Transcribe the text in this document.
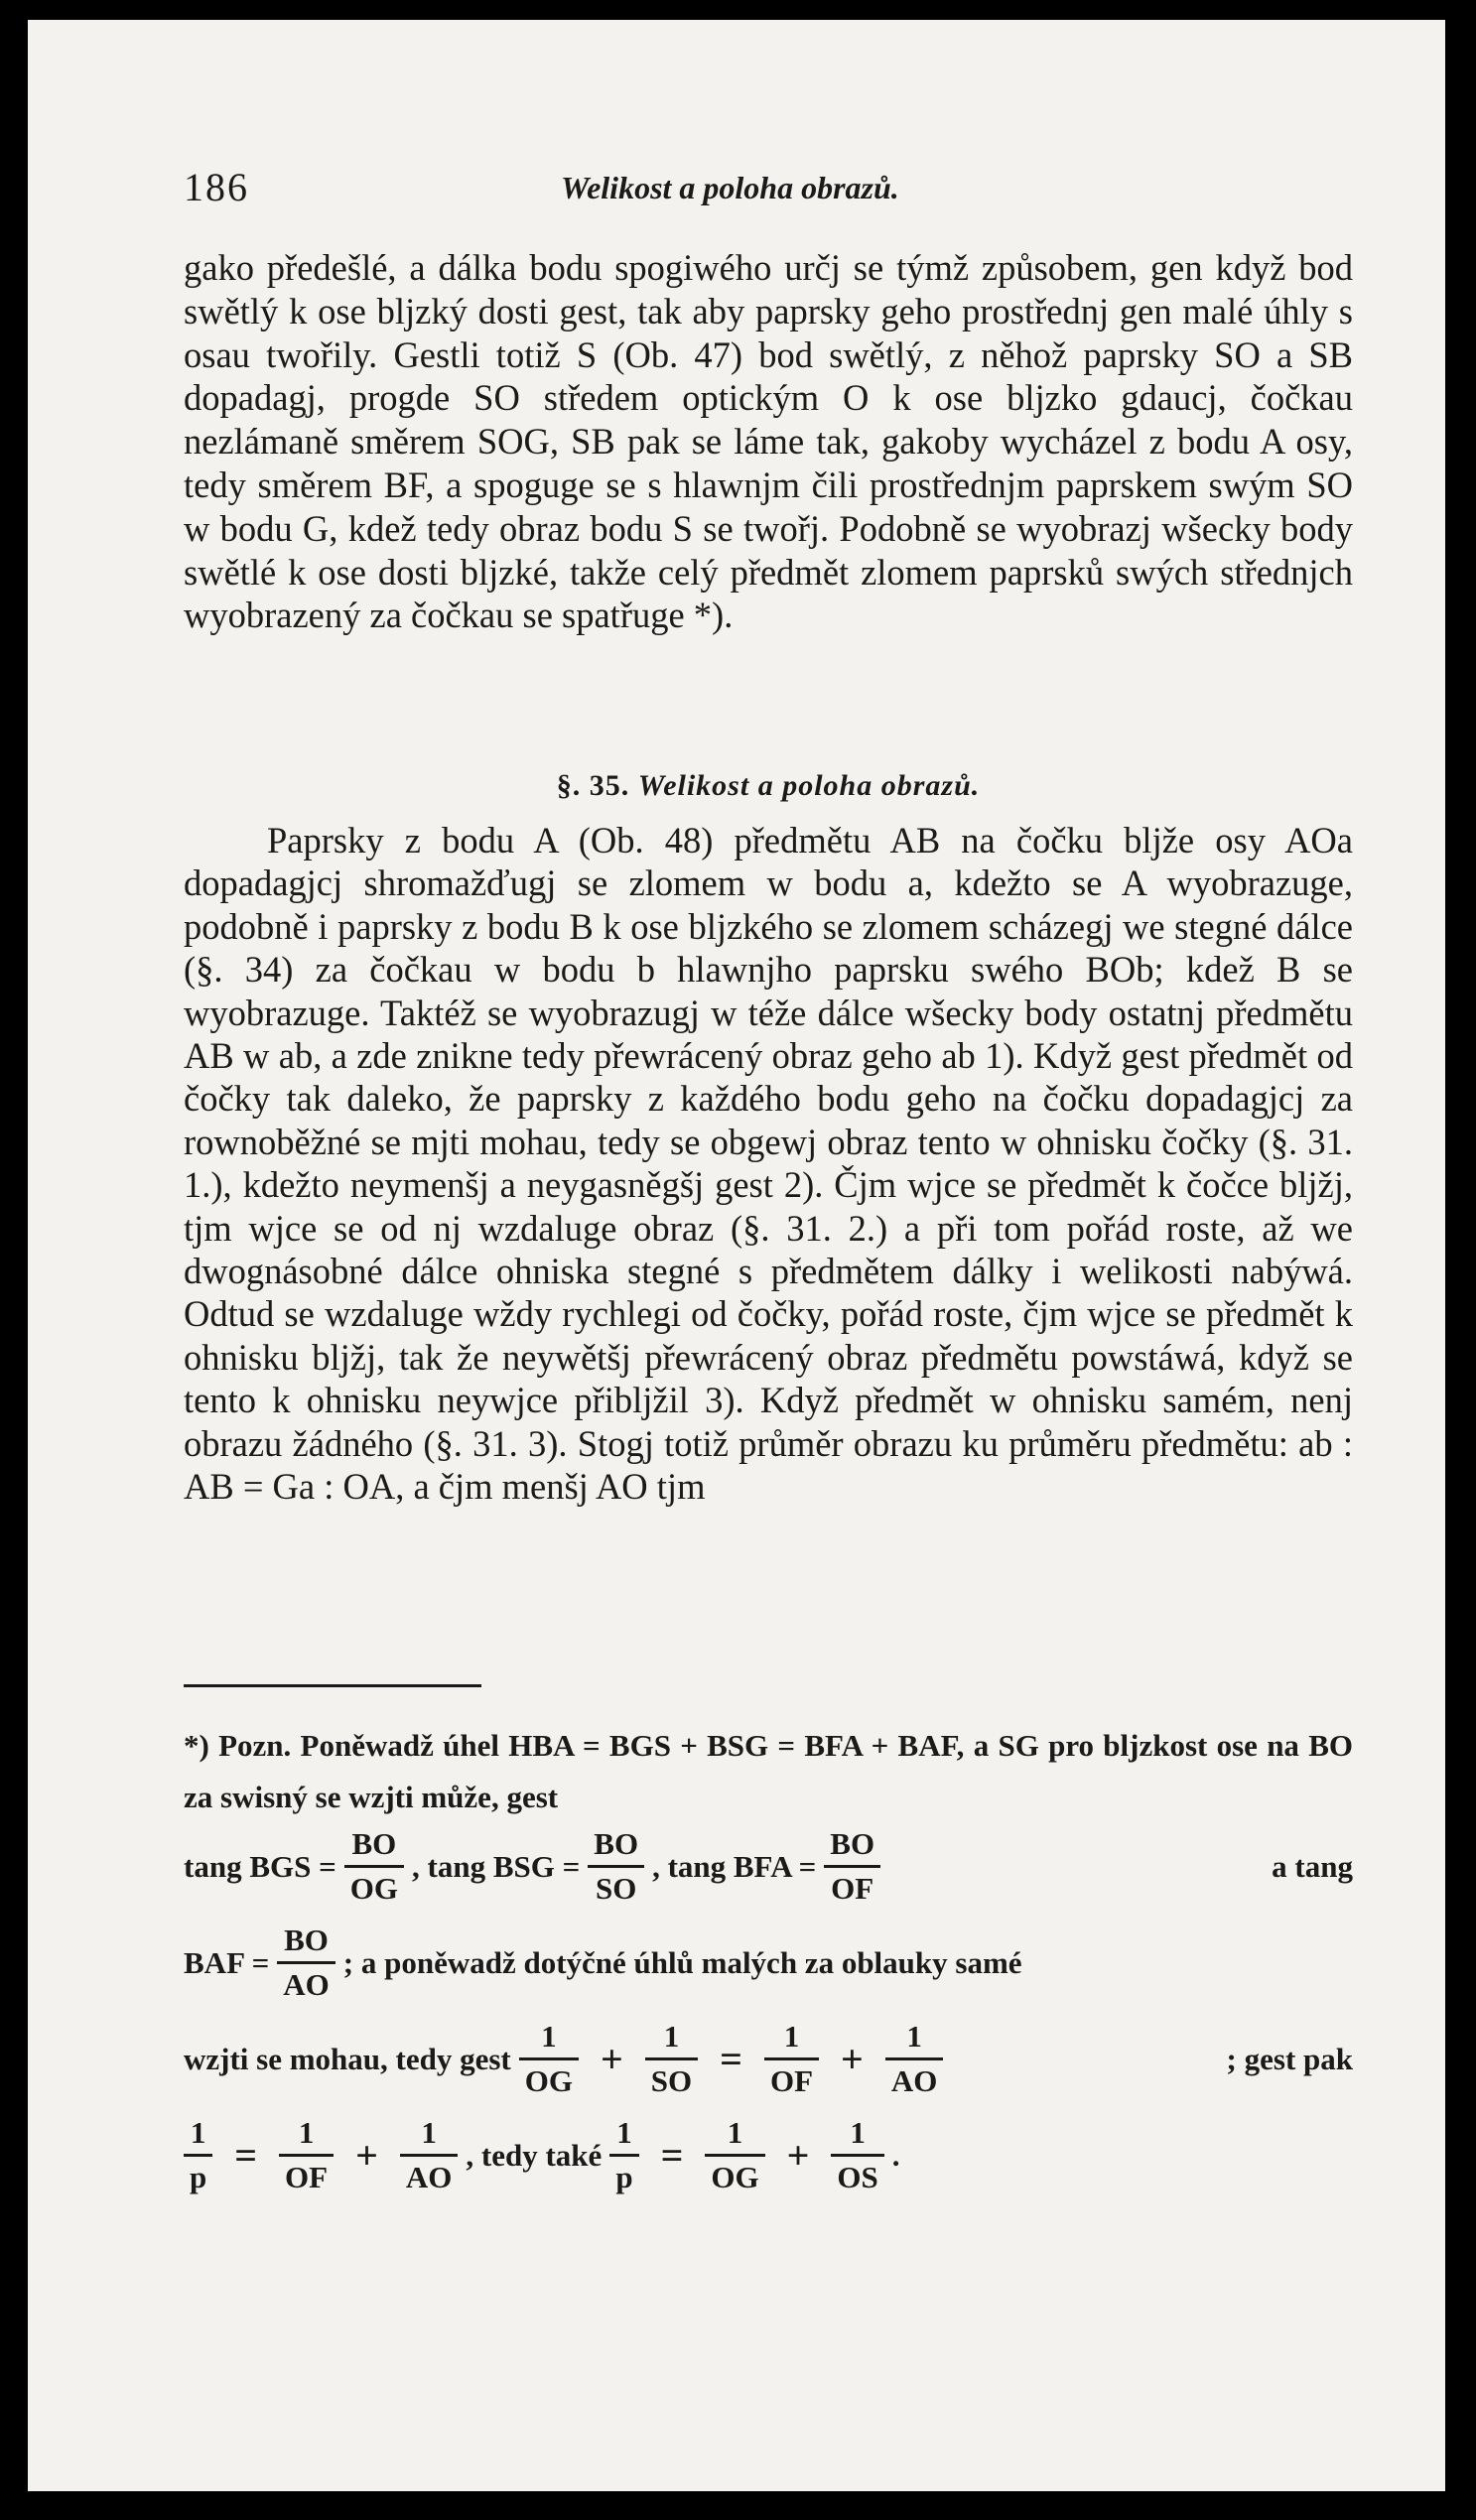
186	Welikost a poloha obrazů.

gako předešlé, a dálka bodu spogiwého určj se týmž způsobem, gen když bod swětlý k ose bljzký dosti gest, tak aby paprsky geho prostřednj gen malé úhly s osau twořily. Gestli totiž S (Ob. 47) bod swětlý, z něhož paprsky SO a SB dopadagj, progde SO středem optickým O k ose bljzko gdaucj, čočkau nezlámaně směrem SOG, SB pak se láme tak, gakoby wycházel z bodu A osy, tedy směrem BF, a spoguge se s hlawnjm čili prostřednjm paprskem swým SO w bodu G, kdež tedy obraz bodu S se twořj. Podobně se wyobrazj wšecky body swětlé k ose dosti bljzké, takže celý předmět zlomem paprsků swých střednjch wyobrazený za čočkau se spatřuge *).

§. 35. Welikost a poloha obrazů.

Paprsky z bodu A (Ob. 48) předmětu AB na čočku bljže osy AOa dopadagjcj shromažďugj se zlomem w bodu a, kdežto se A wyobrazuge, podobně i paprsky z bodu B k ose bljzkého se zlomem scházegj we stegné dálce (§. 34) za čočkau w bodu b hlawnjho paprsku swého BOb; kdež B se wyobrazuge. Taktéž se wyobrazugj w téže dálce wšecky body ostatnj předmětu AB w ab, a zde znikne tedy přewrácený obraz geho ab 1). Když gest předmět od čočky tak daleko, že paprsky z každého bodu geho na čočku dopadagjcj za rownoběžné se mjti mohau, tedy se obgewj obraz tento w ohnisku čočky (§. 31. 1.), kdežto neymenšj a neygasněgšj gest 2). Čjm wjce se předmět k čočce bljžj, tjm wjce se od nj wzdaluge obraz (§. 31. 2.) a při tom pořád roste, až we dwognásobné dálce ohniska stegné s předmětem dálky i welikosti nabýwá. Odtud se wzdaluge wždy rychlegi od čočky, pořád roste, čjm wjce se předmět k ohnisku bljžj, tak že neywětšj přewrácený obraz předmětu powstáwá, když se tento k ohnisku neywjce přibljžil 3). Když předmět w ohnisku samém, nenj obrazu žádného (§. 31. 3). Stogj totiž průměr obrazu ku průměru předmětu: ab : AB = Ga : OA, a čjm menšj AO tjm

*) Pozn. Poněwadž úhel HBA = BGS + BSG = BFA + BAF, a SG pro bljzkost ose na BO za swisný se wzjti může, gest
tang BGS = $\frac{BO}{OG}$ , tang BSG = $\frac{BO}{SO}$ , tang BFA = $\frac{BO}{OF}$	a tang
BAF = $\frac{BO}{AO}$ ; a poněwadž dotýčné úhlů malých za oblauky samé
wzjti se mohau, tedy gest $\frac{1}{OG} + \frac{1}{SO} = \frac{1}{OF} + \frac{1}{AO}$	; gest pak
$\frac{1}{p} = \frac{1}{OF} + \frac{1}{AO}$ , tedy také $\frac{1}{p} = \frac{1}{OG} + \frac{1}{OS}$ .
